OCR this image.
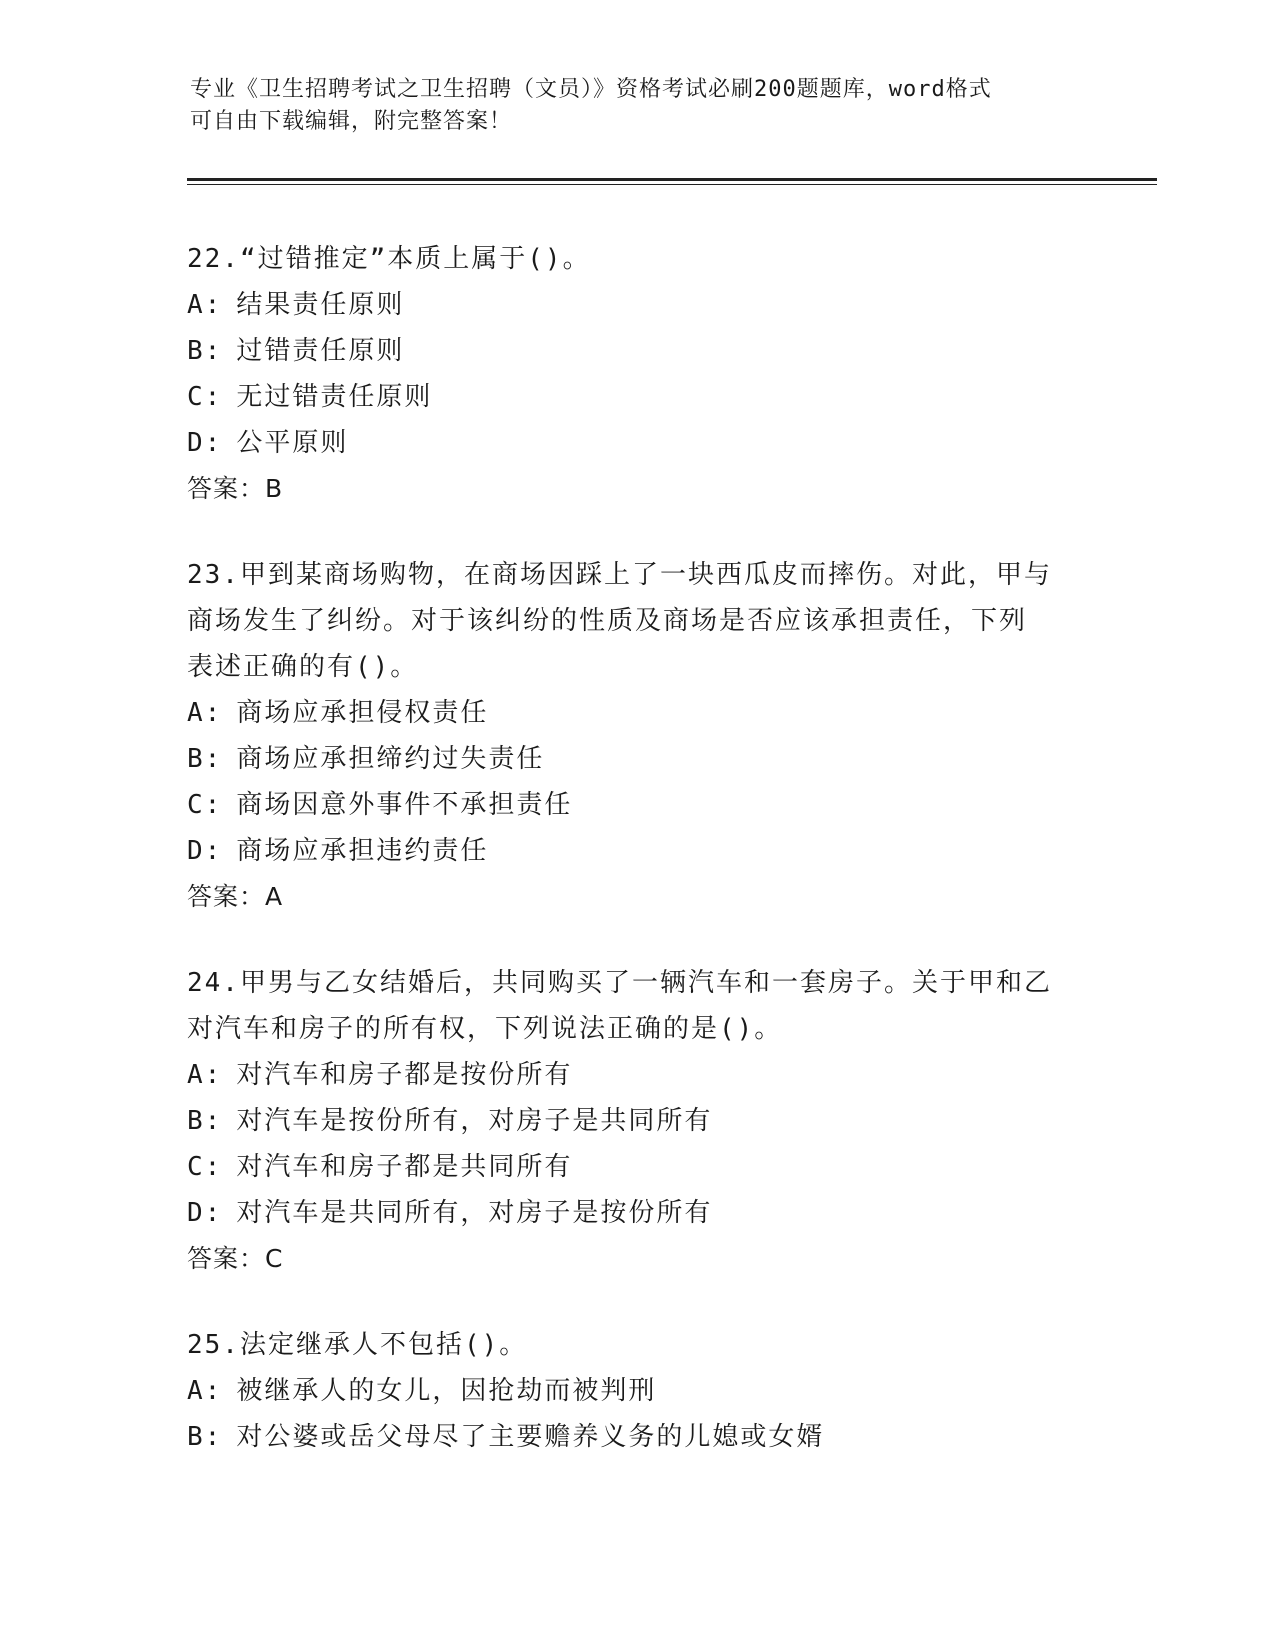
专业《卫生招聘考试之卫生招聘（文员）》资格考试必刷200题题库，word格式
可自由下载编辑，附完整答案！
22.“过错推定”本质上属于()。
A: 结果责任原则
B: 过错责任原则
C: 无过错责任原则
D: 公平原则
答案：B
23.甲到某商场购物，在商场因踩上了一块西瓜皮而摔伤。对此，甲与
商场发生了纠纷。对于该纠纷的性质及商场是否应该承担责任，下列
表述正确的有()。
A: 商场应承担侵权责任
B: 商场应承担缔约过失责任
C: 商场因意外事件不承担责任
D: 商场应承担违约责任
答案：A
24.甲男与乙女结婚后，共同购买了一辆汽车和一套房子。关于甲和乙
对汽车和房子的所有权，下列说法正确的是()。
A: 对汽车和房子都是按份所有
B: 对汽车是按份所有，对房子是共同所有
C: 对汽车和房子都是共同所有
D: 对汽车是共同所有，对房子是按份所有
答案：C
25.法定继承人不包括()。
A: 被继承人的女儿，因抢劫而被判刑
B: 对公婆或岳父母尽了主要赡养义务的儿媳或女婿
